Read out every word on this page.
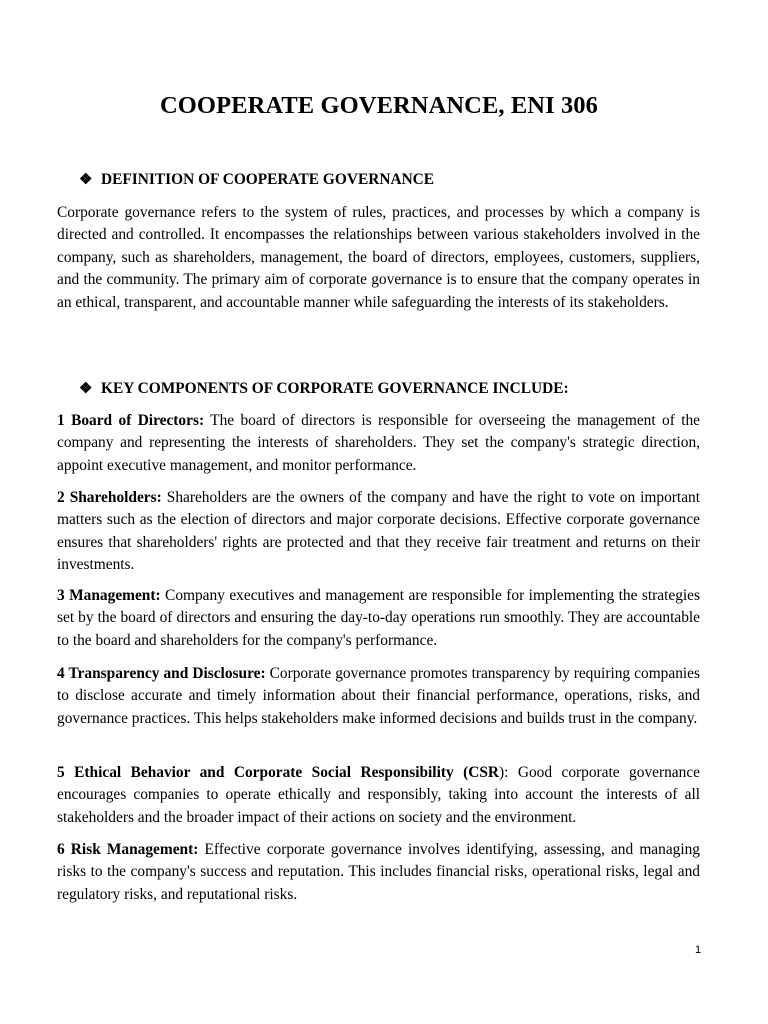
COOPERATE GOVERNANCE, ENI 306
❖ DEFINITION OF COOPERATE GOVERNANCE
Corporate governance refers to the system of rules, practices, and processes by which a company is directed and controlled. It encompasses the relationships between various stakeholders involved in the company, such as shareholders, management, the board of directors, employees, customers, suppliers, and the community. The primary aim of corporate governance is to ensure that the company operates in an ethical, transparent, and accountable manner while safeguarding the interests of its stakeholders.
❖ KEY COMPONENTS OF CORPORATE GOVERNANCE INCLUDE:
1 Board of Directors: The board of directors is responsible for overseeing the management of the company and representing the interests of shareholders. They set the company's strategic direction, appoint executive management, and monitor performance.
2 Shareholders: Shareholders are the owners of the company and have the right to vote on important matters such as the election of directors and major corporate decisions. Effective corporate governance ensures that shareholders' rights are protected and that they receive fair treatment and returns on their investments.
3 Management: Company executives and management are responsible for implementing the strategies set by the board of directors and ensuring the day-to-day operations run smoothly. They are accountable to the board and shareholders for the company's performance.
4 Transparency and Disclosure: Corporate governance promotes transparency by requiring companies to disclose accurate and timely information about their financial performance, operations, risks, and governance practices. This helps stakeholders make informed decisions and builds trust in the company.
5 Ethical Behavior and Corporate Social Responsibility (CSR): Good corporate governance encourages companies to operate ethically and responsibly, taking into account the interests of all stakeholders and the broader impact of their actions on society and the environment.
6 Risk Management: Effective corporate governance involves identifying, assessing, and managing risks to the company's success and reputation. This includes financial risks, operational risks, legal and regulatory risks, and reputational risks.
1
